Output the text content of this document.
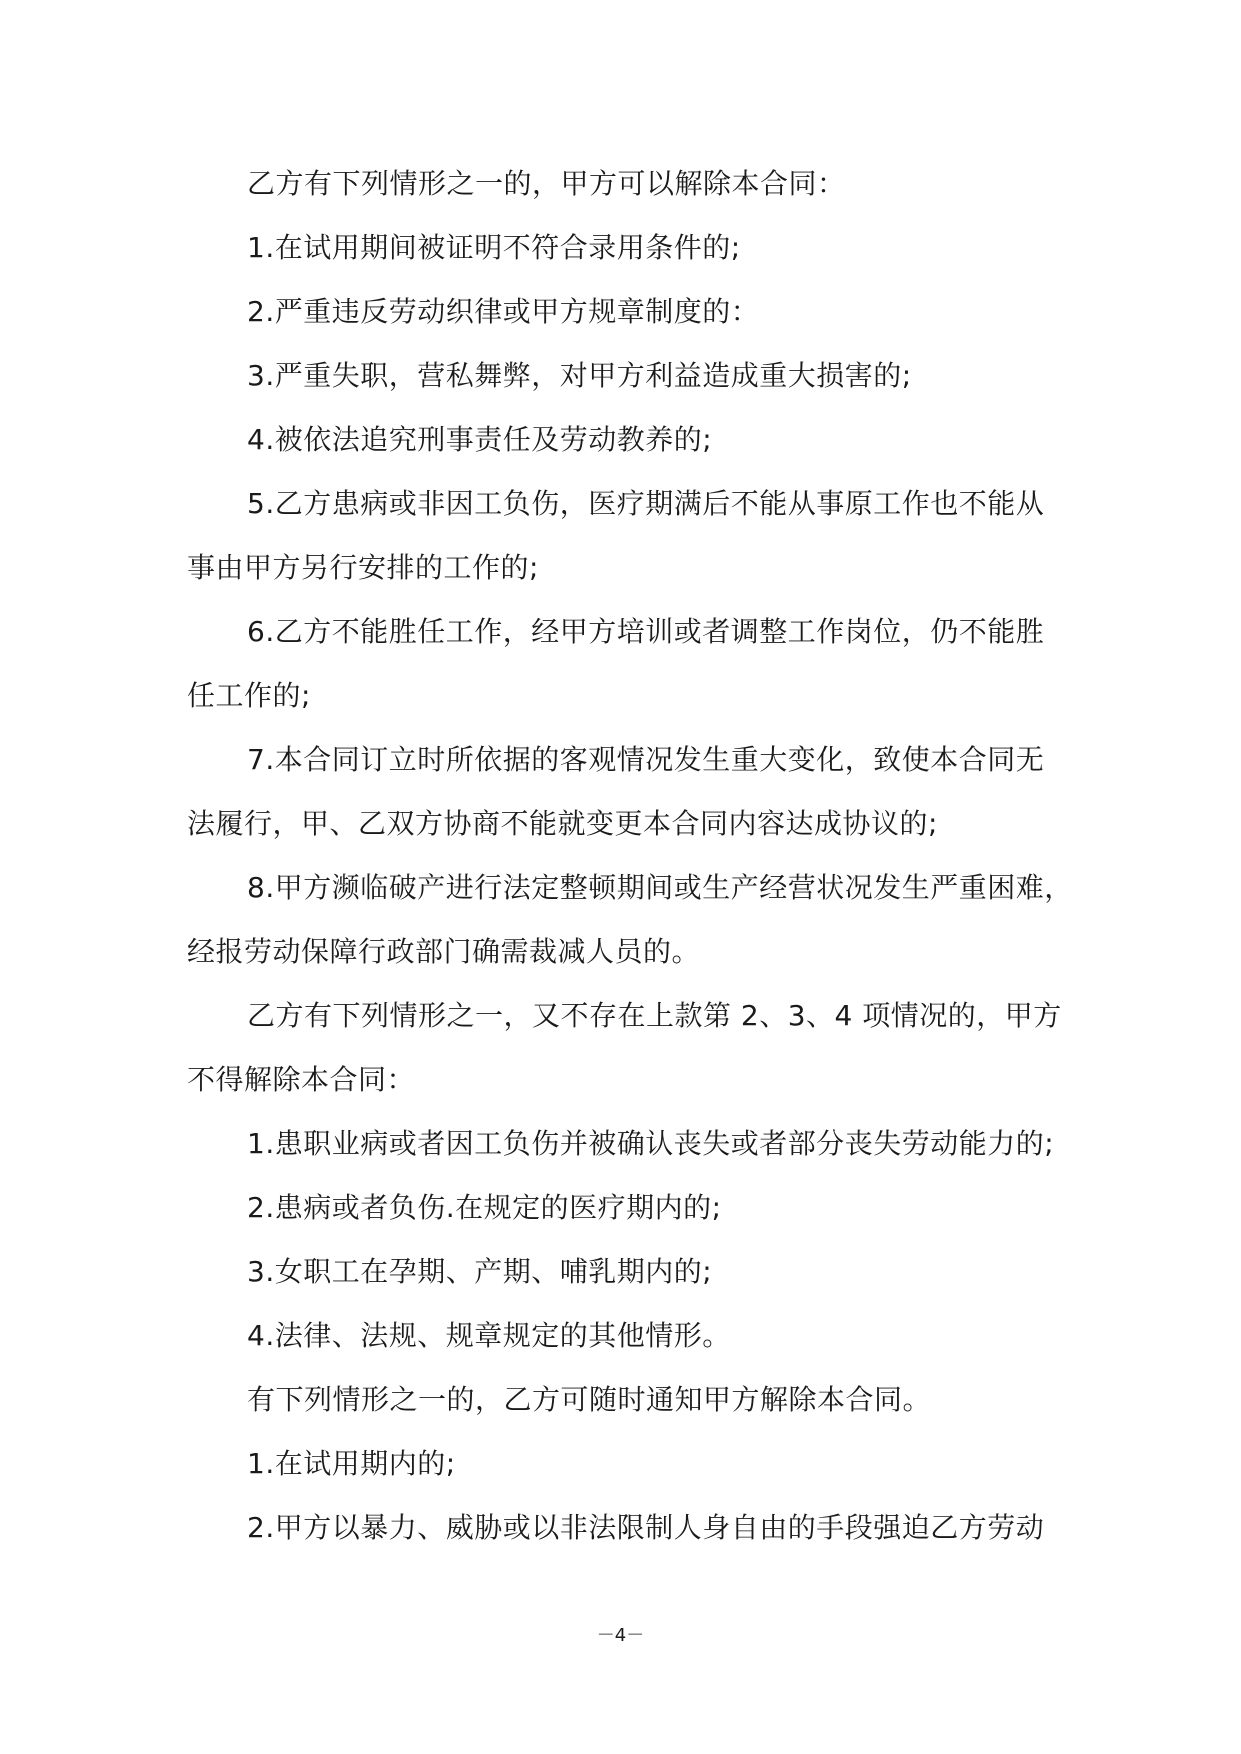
乙方有下列情形之一的，甲方可以解除本合同：

1.在试用期间被证明不符合录用条件的;

2.严重违反劳动织律或甲方规章制度的：

3.严重失职，营私舞弊，对甲方利益造成重大损害的;

4.被依法追究刑事责任及劳动教养的;

5.乙方患病或非因工负伤，医疗期满后不能从事原工作也不能从

事由甲方另行安排的工作的;

6.乙方不能胜任工作，经甲方培训或者调整工作岗位，仍不能胜

任工作的;

7.本合同订立时所依据的客观情况发生重大变化，致使本合同无

法履行，甲、乙双方协商不能就变更本合同内容达成协议的;

8.甲方濒临破产进行法定整顿期间或生产经营状况发生严重困难，

经报劳动保障行政部门确需裁减人员的。

乙方有下列情形之一，又不存在上款第 2、3、4 项情况的，甲方

不得解除本合同：

1.患职业病或者因工负伤并被确认丧失或者部分丧失劳动能力的;

2.患病或者负伤.在规定的医疗期内的;

3.女职工在孕期、产期、哺乳期内的;

4.法律、法规、规章规定的其他情形。

有下列情形之一的，乙方可随时通知甲方解除本合同。

1.在试用期内的;

2.甲方以暴力、威胁或以非法限制人身自由的手段强迫乙方劳动

－4－
